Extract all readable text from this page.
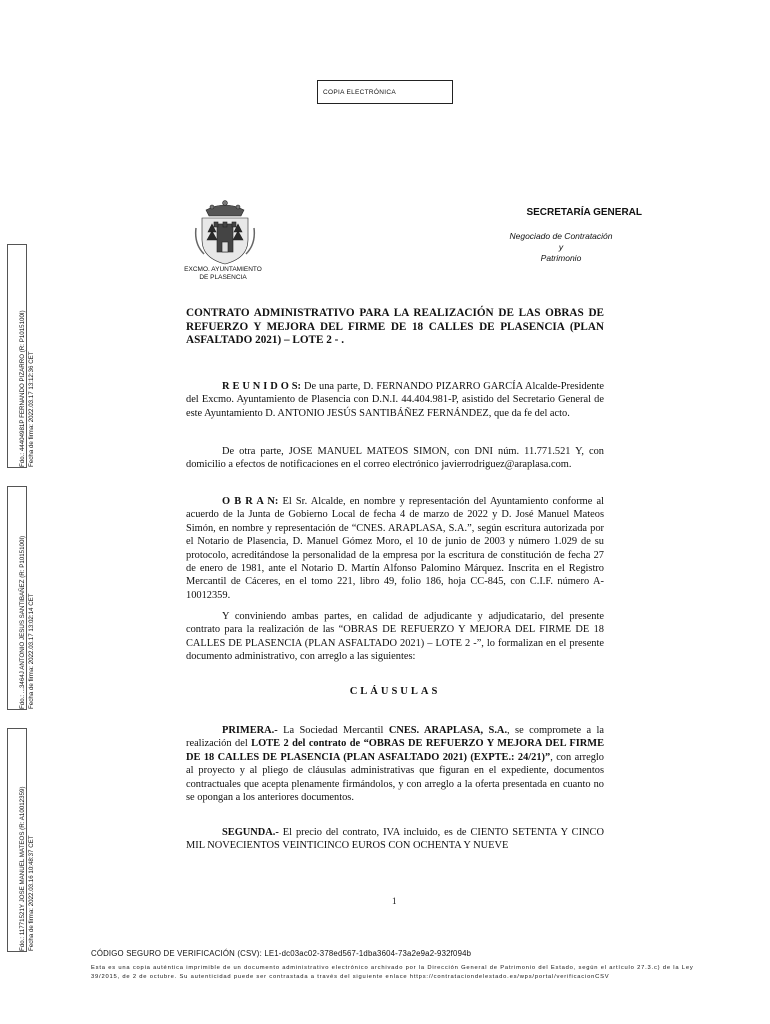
COPIA ELECTRÓNICA
EXCMO. AYUNTAMIENTO
DE PLASENCIA
SECRETARÍA GENERAL
Negociado de Contratación
y
Patrimonio
CONTRATO ADMINISTRATIVO PARA LA REALIZACIÓN DE LAS OBRAS DE REFUERZO Y MEJORA DEL FIRME DE 18 CALLES DE PLASENCIA (PLAN ASFALTADO 2021) – LOTE 2 - .
R E U N I D O S: De una parte, D. FERNANDO PIZARRO GARCÍA Alcalde-Presidente del Excmo. Ayuntamiento de Plasencia con D.N.I. 44.404.981-P, asistido del Secretario General de este Ayuntamiento D. ANTONIO JESÚS SANTIBÁÑEZ FERNÁNDEZ, que da fe del acto.
De otra parte, JOSE MANUEL MATEOS SIMON, con DNI núm. 11.771.521 Y, con domicilio a efectos de notificaciones en el correo electrónico javierrodriguez@araplasa.com.
O B R A N: El Sr. Alcalde, en nombre y representación del Ayuntamiento conforme al acuerdo de la Junta de Gobierno Local de fecha 4 de marzo de 2022 y D. José Manuel Mateos Simón, en nombre y representación de “CNES. ARAPLASA, S.A.”, según escritura autorizada por el Notario de Plasencia, D. Manuel Gómez Moro, el 10 de junio de 2003 y número 1.029 de su protocolo, acreditándose la personalidad de la empresa por la escritura de constitución de fecha 27 de enero de 1981, ante el Notario D. Martín Alfonso Palomino Márquez. Inscrita en el Registro Mercantil de Cáceres, en el tomo 221, libro 49, folio 186, hoja CC-845, con C.I.F. número A-10012359.
Y conviniendo ambas partes, en calidad de adjudicante y adjudicatario, del presente contrato para la realización de las “OBRAS DE REFUERZO Y MEJORA DEL FIRME DE 18 CALLES DE PLASENCIA (PLAN ASFALTADO 2021) – LOTE 2 -”, lo formalizan en el presente documento administrativo, con arreglo a las siguientes:
CLÁUSULAS
PRIMERA.- La Sociedad Mercantil CNES. ARAPLASA, S.A., se compromete a la realización del LOTE 2 del contrato de “OBRAS DE REFUERZO Y MEJORA DEL FIRME DE 18 CALLES DE PLASENCIA (PLAN ASFALTADO 2021) (EXPTE.: 24/21)”, con arreglo al proyecto y al pliego de cláusulas administrativas que figuran en el expediente, documentos contractuales que acepta plenamente firmándolos, y con arreglo a la oferta presentada en cuanto no se opongan a los anteriores documentos.
SEGUNDA.- El precio del contrato, IVA incluido, es de CIENTO SETENTA Y CINCO MIL NOVECIENTOS VEINTICINCO EUROS CON OCHENTA Y NUEVE
1
CÓDIGO SEGURO DE VERIFICACIÓN (CSV): LE1-dc03ac02-378ed567-1dba3604-73a2e9a2-932f094b
Esta es una copia auténtica imprimible de un documento administrativo electrónico archivado por la Dirección General de Patrimonio del Estado, según el artículo 27.3.c) de la Ley 39/2015, de 2 de octubre. Su autenticidad puede ser contrastada a través del siguiente enlace https://contrataciondelestado.es/wps/portal/verificacionCSV
Fdo.: 44404981P FERNANDO PIZARRO (R: P1015100I) Fecha de firma: 2022.03.17 13:12:36 CET
Fdo.: ...3464J ANTONIO JESUS SANTIBAÑEZ (R: P1015100I) Fecha de firma: 2022.03.17 13:02:14 CET
Fdo.: 11771521Y JOSE MANUEL MATEOS (R: A10012359) Fecha de firma: 2022.03.16 10:48:37 CET
